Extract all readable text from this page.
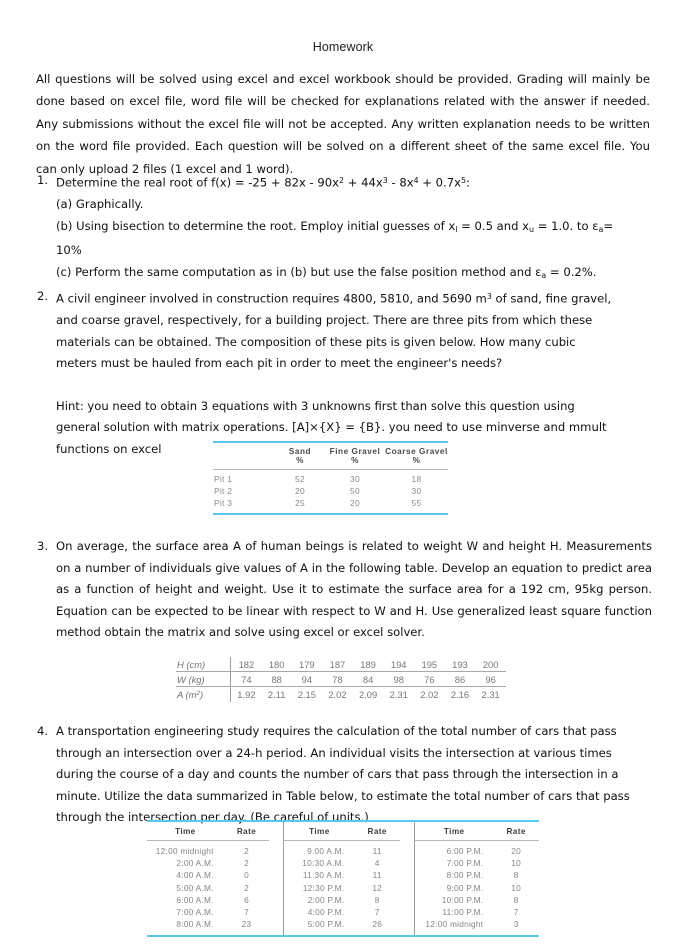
Homework
All questions will be solved using excel and excel workbook should be provided. Grading will mainly be done based on excel file, word file will be checked for explanations related with the answer if needed. Any submissions without the excel file will not be accepted. Any written explanation needs to be written on the word file provided. Each question will be solved on a different sheet of the same excel file. You can only upload 2 files (1 excel and 1 word).
1. Determine the real root of $f(x) = -25 + 82x - 90x^2 + 44x^3 - 8x^4 + 0.7x^5$:
(a) Graphically.
(b) Using bisection to determine the root. Employ initial guesses of $x_l = 0.5$ and $x_u = 1.0$. to $\varepsilon_a=$
10%
(c) Perform the same computation as in (b) but use the false position method and $\varepsilon_a = 0.2\%$.
2. A civil engineer involved in construction requires 4800, 5810, and 5690 $m^3$ of sand, fine gravel, and coarse gravel, respectively, for a building project. There are three pits from which these materials can be obtained. The composition of these pits is given below. How many cubic meters must be hauled from each pit in order to meet the engineer's needs?
Hint: you need to obtain 3 equations with 3 unknowns first than solve this question using general solution with matrix operations. [A]×{X} = {B}. you need to use minverse and mmult functions on excel
		Sand	Fine Gravel	Coarse Gravel
	%	%	%
Pit 1	52	30	18
Pit 2	20	50	30
Pit 3	25	20	55
3. On average, the surface area A of human beings is related to weight W and height H. Measurements on a number of individuals give values of A in the following table. Develop an equation to predict area as a function of height and weight. Use it to estimate the surface area for a 192 cm, 95kg person. Equation can be expected to be linear with respect to W and H. Use generalized least square function method obtain the matrix and solve using excel or excel solver.
H (cm)	182	180	179	187	189	194	195	193	200
W (kg)	74	88	94	78	84	98	76	86	96
A $(m^2)$	1.92	2.11	2.15	2.02	2.09	2.31	2.02	2.16	2.31
4. A transportation engineering study requires the calculation of the total number of cars that pass through an intersection over a 24-h period. An individual visits the intersection at various times during the course of a day and counts the number of cars that pass through the intersection in a minute. Utilize the data summarized in Table below, to estimate the total number of cars that pass through the intersection per day. (Be careful of units.)
Time	Rate		Time	Rate		Time	Rate
12:00 midnight	2		9:00 A.M.	11		6:00 P.M.	20
2:00 A.M.	2		10:30 A.M.	4		7:00 P.M.	10
4:00 A.M.	0		11:30 A.M.	11		8:00 P.M.	8
5:00 A.M.	2		12:30 P.M.	12		9:00 P.M.	10
6:00 A.M.	6		2:00 P.M.	8		10:00 P.M.	8
7:00 A.M.	7		4:00 P.M.	7		11:00 P.M.	7
8:00 A.M.	23		5:00 P.M.	26		12:00 midnight	3
